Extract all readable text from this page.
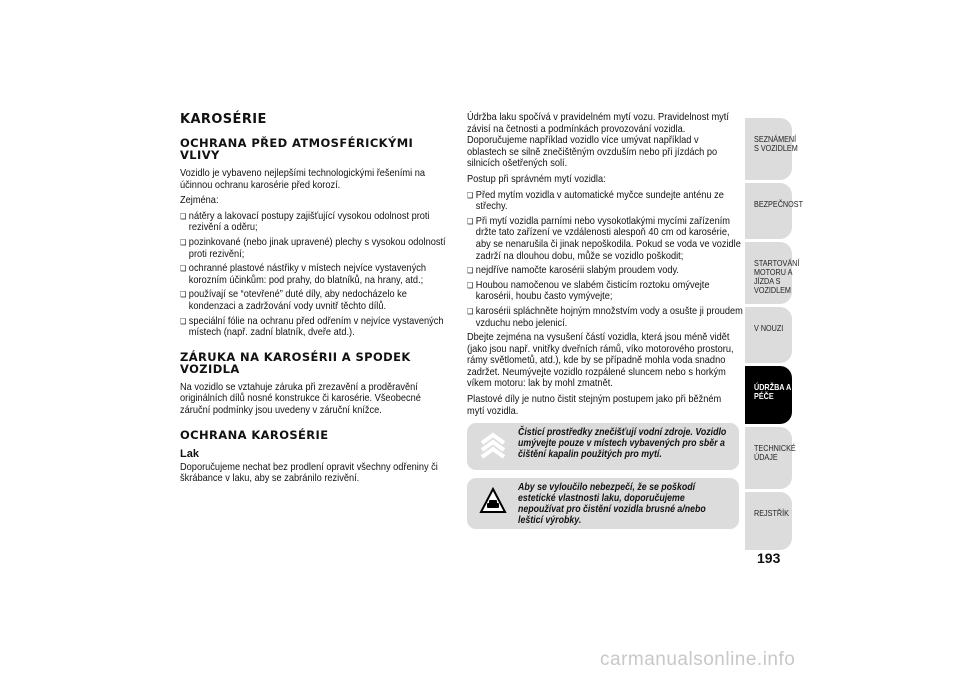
KAROSÉRIE
OCHRANA PŘED ATMOSFÉRICKÝMI VLIVY

Vozidlo je vybaveno nejlepšími technologickými řešeními na účinnou ochranu karosérie před korozí.

Zejména:

❏ nátěry a lakovací postupy zajišťující vysokou odolnost proti rezivění a oděru;
❏ pozinkované (nebo jinak upravené) plechy s vysokou odolností proti rezivění;
❏ ochranné plastové nástřiky v místech nejvíce vystavených korozním účinkům: pod prahy, do blatníků, na hrany, atd.;
❏ používají se “otevřené” duté díly, aby nedocházelo ke kondenzaci a zadržování vody uvnitř těchto dílů.
❏ speciální fólie na ochranu před odřením v nejvíce vystavených místech (např. zadní blatník, dveře atd.).
ZÁRUKA NA KAROSÉRII A SPODEK VOZIDLA

Na vozidlo se vztahuje záruka při zrezavění a proděravění originálních dílů nosné konstrukce či karosérie. Všeobecné záruční podmínky jsou uvedeny v záruční knížce.

OCHRANA KAROSÉRIE
Lak

Doporučujeme nechat bez prodlení opravit všechny odřeniny či škrábance v laku, aby se zabránilo rezivění.

Údržba laku spočívá v pravidelném mytí vozu. Pravidelnost mytí závisí na četnosti a podmínkách provozování vozidla. Doporučujeme například vozidlo více umývat například v oblastech se silně znečištěným ovzduším nebo při jízdách po silnicích ošetřených solí.

Postup při správném mytí vozidla:

❏ Před mytím vozidla v automatické myčce sundejte anténu ze střechy.
❏ Při mytí vozidla parními nebo vysokotlakými mycími zařízením držte tato zařízení ve vzdálenosti alespoň 40 cm od karosérie, aby se nenarušila či jinak nepoškodila. Pokud se voda ve vozidle zadrží na dlouhou dobu, může se vozidlo poškodit;
❏ nejdříve namočte karosérii slabým proudem vody.
❏ Houbou namočenou ve slabém čisticím roztoku omývejte karosérii, houbu často vymývejte;
❏ karosérii spláchněte hojným množstvím vody a osušte ji proudem vzduchu nebo jelenicí.

Dbejte zejména na vysušení částí vozidla, která jsou méně vidět (jako jsou např. vnitřky dveřních rámů, víko motorového prostoru, rámy světlometů, atd.), kde by se případně mohla voda snadno zadržet. Neumývejte vozidlo rozpálené sluncem nebo s horkým víkem motoru: lak by mohl zmatnět.

Plastové díly je nutno čistit stejným postupem jako při běžném mytí vozidla.

Čisticí prostředky znečišťují vodní zdroje. Vozidlo umývejte pouze v místech vybavených pro sběr a čištění kapalin použitých pro mytí.
Aby se vyloučilo nebezpečí, že se poškodí estetické vlastnosti laku, doporučujeme nepoužívat pro čistění vozidla brusné a/nebo lešticí výrobky.
SEZNÁMENÍ S VOZIDLEM
BEZPEČNOST
STARTOVÁNÍ MOTORU A JÍZDA S VOZIDLEM
V NOUZI
ÚDRŽBA A PÉČE
TECHNICKÉ ÚDAJE
REJSTŘÍK
193
carmanualsonline.info
